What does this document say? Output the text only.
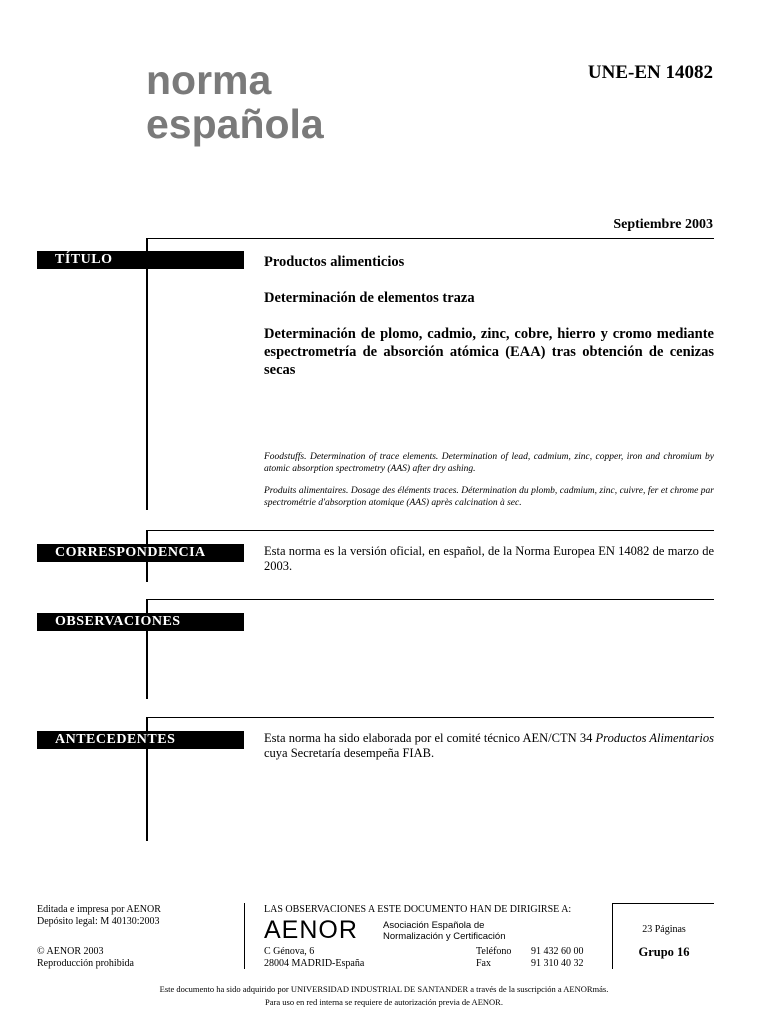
norma
española
UNE-EN 14082
Septiembre 2003
TÍTULO	Productos alimenticios
Determinación de elementos traza
Determinación de plomo, cadmio, zinc, cobre, hierro y cromo mediante espectrometría de absorción atómica (EAA) tras obtención de cenizas secas
Foodstuffs. Determination of trace elements. Determination of lead, cadmium, zinc, copper, iron and chromium by atomic absorption spectrometry (AAS) after dry ashing.
Produits alimentaires. Dosage des éléments traces. Détermination du plomb, cadmium, zinc, cuivre, fer et chrome par spectrométrie d'absorption atomique (AAS) après calcination à sec.
CORRESPONDENCIA	Esta norma es la versión oficial, en español, de la Norma Europea EN 14082 de marzo de 2003.
OBSERVACIONES
ANTECEDENTES	Esta norma ha sido elaborada por el comité técnico AEN/CTN 34 Productos Alimentarios cuya Secretaría desempeña FIAB.
Editada e impresa por AENOR
Depósito legal: M 40130:2003
© AENOR 2003
Reproducción prohibida
LAS OBSERVACIONES A ESTE DOCUMENTO HAN DE DIRIGIRSE A:
AENOR	Asociación Española de
Normalización y Certificación
C Génova, 6
28004 MADRID-España
Teléfono 91 432 60 00
Fax	91 310 40 32
23 Páginas
Grupo 16
Este documento ha sido adquirido por UNIVERSIDAD INDUSTRIAL DE SANTANDER a través de la suscripción a AENORmás.
Para uso en red interna se requiere de autorización previa de AENOR.
